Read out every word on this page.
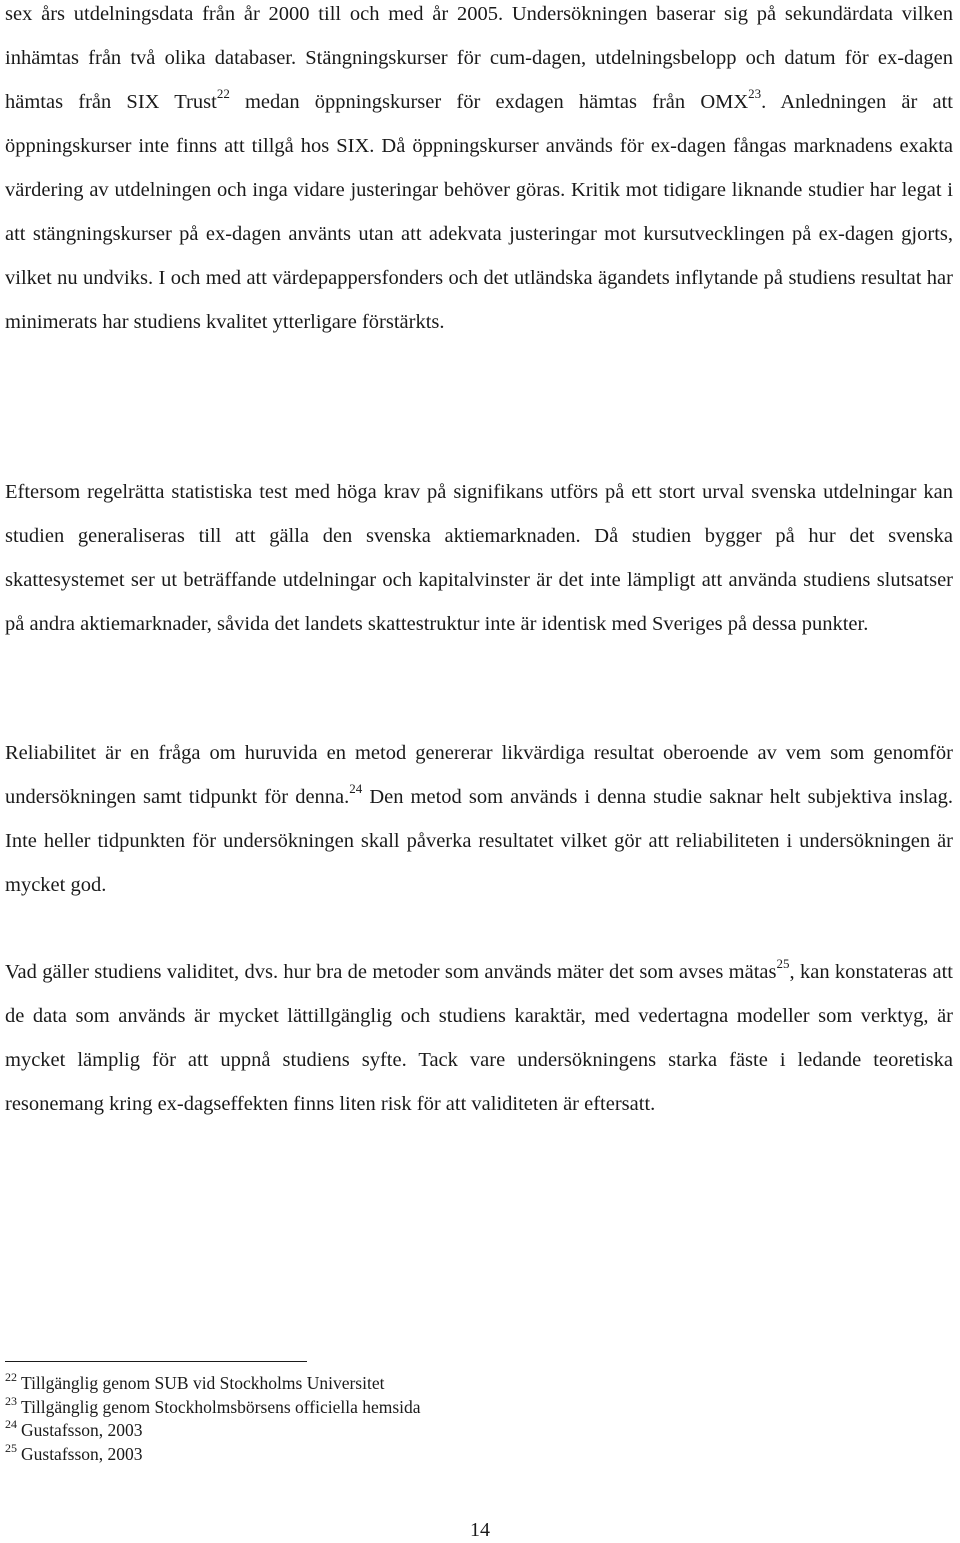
sex års utdelningsdata från år 2000 till och med år 2005. Undersökningen baserar sig på sekundärdata vilken inhämtas från två olika databaser. Stängningskurser för cum-dagen, utdelningsbelopp och datum för ex-dagen hämtas från SIX Trust$^{22}$ medan öppningskurser för exdagen hämtas från OMX$^{23}$. Anledningen är att öppningskurser inte finns att tillgå hos SIX. Då öppningskurser används för ex-dagen fångas marknadens exakta värdering av utdelningen och inga vidare justeringar behöver göras. Kritik mot tidigare liknande studier har legat i att stängningskurser på ex-dagen använts utan att adekvata justeringar mot kursutvecklingen på ex-dagen gjorts, vilket nu undviks. I och med att värdepappersfonders och det utländska ägandets inflytande på studiens resultat har minimerats har studiens kvalitet ytterligare förstärkts.

Eftersom regelrätta statistiska test med höga krav på signifikans utförs på ett stort urval svenska utdelningar kan studien generaliseras till att gälla den svenska aktiemarknaden. Då studien bygger på hur det svenska skattesystemet ser ut beträffande utdelningar och kapitalvinster är det inte lämpligt att använda studiens slutsatser på andra aktiemarknader, såvida det landets skattestruktur inte är identisk med Sveriges på dessa punkter.

Reliabilitet är en fråga om huruvida en metod genererar likvärdiga resultat oberoende av vem som genomför undersökningen samt tidpunkt för denna.$^{24}$ Den metod som används i denna studie saknar helt subjektiva inslag. Inte heller tidpunkten för undersökningen skall påverka resultatet vilket gör att reliabiliteten i undersökningen är mycket god.

Vad gäller studiens validitet, dvs. hur bra de metoder som används mäter det som avses mätas$^{25}$, kan konstateras att de data som används är mycket lättillgänglig och studiens karaktär, med vedertagna modeller som verktyg, är mycket lämplig för att uppnå studiens syfte. Tack vare undersökningens starka fäste i ledande teoretiska resonemang kring ex-dagseffekten finns liten risk för att validiteten är eftersatt.

$^{22}$ Tillgänglig genom SUB vid Stockholms Universitet

$^{23}$ Tillgänglig genom Stockholmsbörsens officiella hemsida

$^{24}$ Gustafsson, 2003

$^{25}$ Gustafsson, 2003

14
